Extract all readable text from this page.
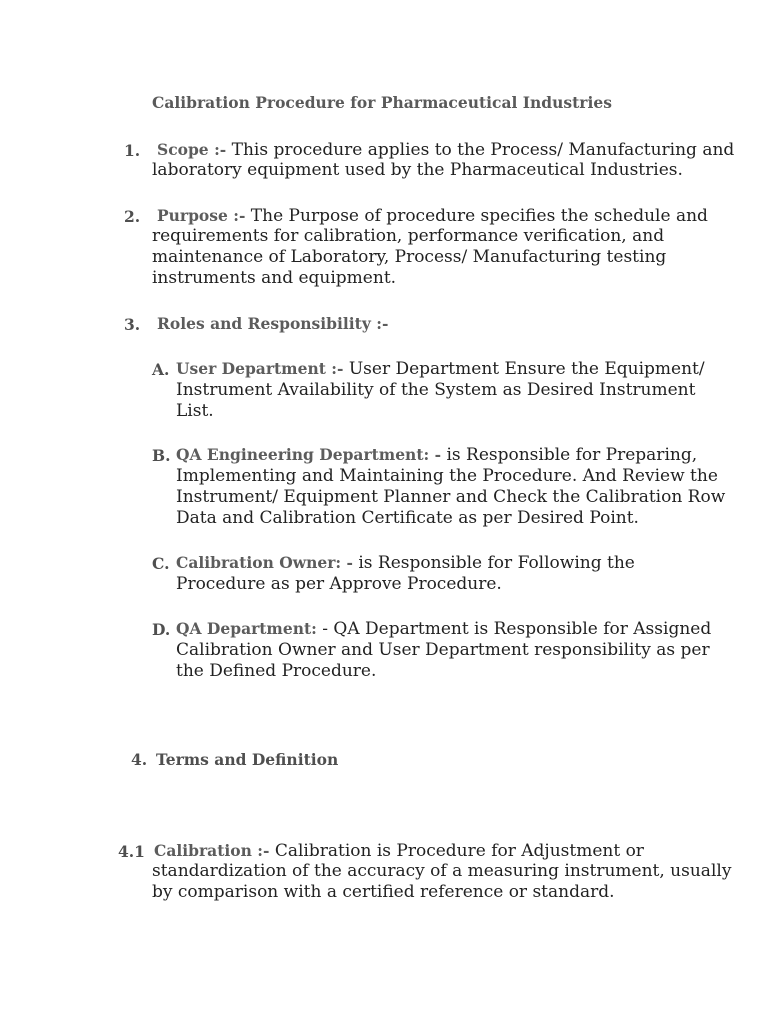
Calibration Procedure for Pharmaceutical Industries
1. Scope :- This procedure applies to the Process/ Manufacturing and
laboratory equipment used by the Pharmaceutical Industries.
2. Purpose :- The Purpose of procedure specifies the schedule and
requirements for calibration, performance verification, and
maintenance of Laboratory, Process/ Manufacturing testing
instruments and equipment.
3. Roles and Responsibility :-
A. User Department :- User Department Ensure the Equipment/
Instrument Availability of the System as Desired Instrument
List.
B. QA Engineering Department: - is Responsible for Preparing,
Implementing and Maintaining the Procedure. And Review the
Instrument/ Equipment Planner and Check the Calibration Row
Data and Calibration Certificate as per Desired Point.
C. Calibration Owner: - is Responsible for Following the
Procedure as per Approve Procedure.
D. QA Department: - QA Department is Responsible for Assigned
Calibration Owner and User Department responsibility as per
the Defined Procedure.
4. Terms and Definition
4.1 Calibration :- Calibration is Procedure for Adjustment or
standardization of the accuracy of a measuring instrument, usually
by comparison with a certified reference or standard.
